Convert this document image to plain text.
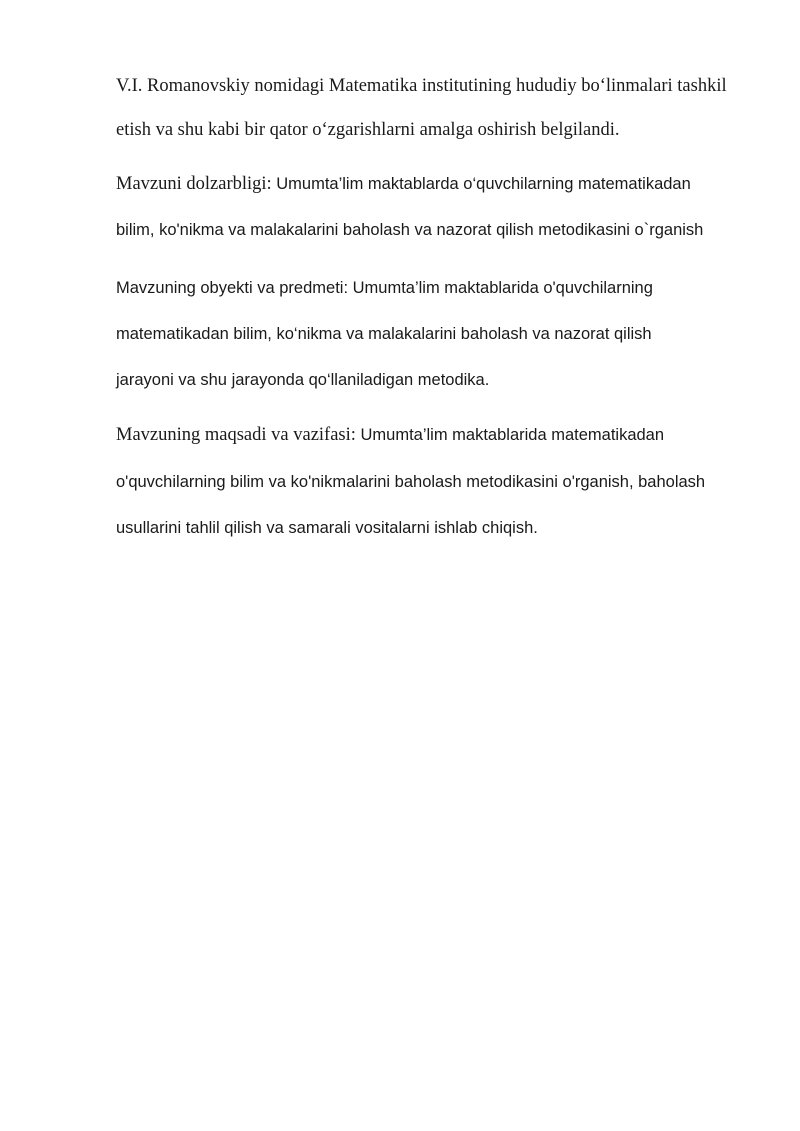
V.I. Romanovskiy nomidagi Matematika institutining hududiy bo‘linmalari tashkil
etish va shu kabi bir qator o‘zgarishlarni amalga oshirish belgilandi.
Mavzuni dolzarbligi: Umumta’lim maktablarda o‘quvchilarning matematikadan
bilim, ko'nikma va malakalarini baholash va nazorat qilish metodikasini o`rganish
Mavzuning obyekti va predmeti: Umumta’lim maktablarida o'quvchilarning
matematikadan bilim, ko‘nikma va malakalarini baholash va nazorat qilish
jarayoni va shu jarayonda qo‘llaniladigan metodika.
Mavzuning maqsadi va vazifasi: Umumta’lim maktablarida matematikadan
o'quvchilarning bilim va ko'nikmalarini baholash metodikasini o'rganish, baholash
usullarini tahlil qilish va samarali vositalarni ishlab chiqish.
